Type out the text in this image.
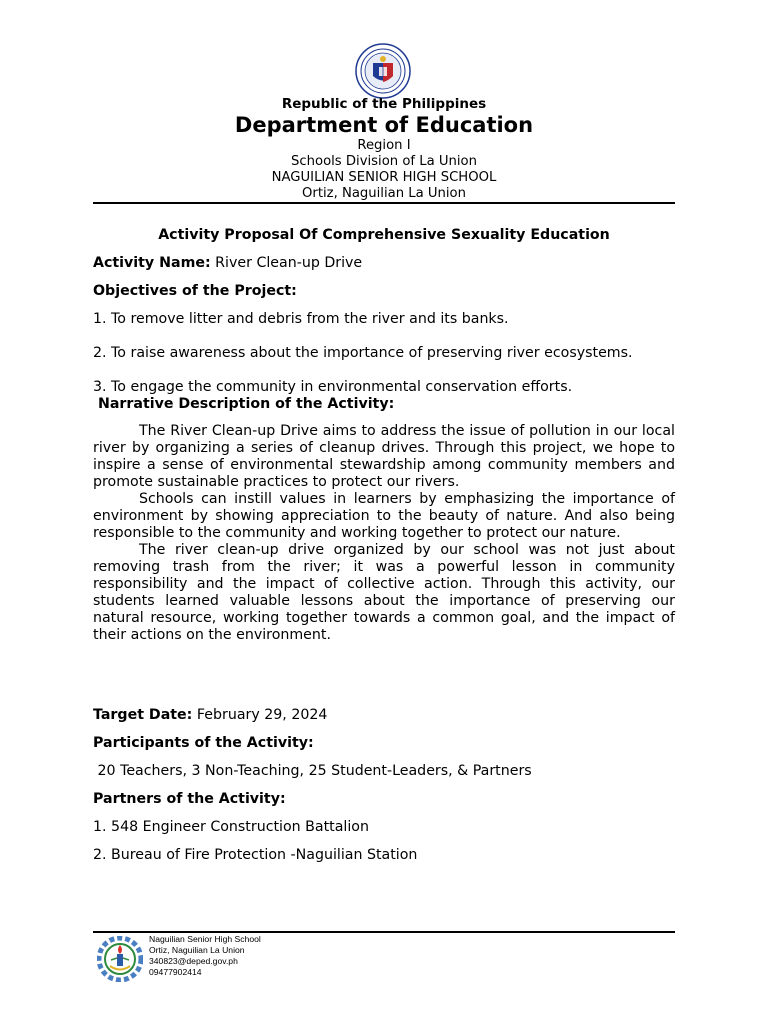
Republic of the Philippines
Department of Education
Region I
Schools Division of La Union
NAGUILIAN SENIOR HIGH SCHOOL
Ortiz, Naguilian La Union
Activity Proposal Of Comprehensive Sexuality Education
Activity Name: River Clean-up Drive
Objectives of the Project:
1. To remove litter and debris from the river and its banks.
2. To raise awareness about the importance of preserving river ecosystems.
3. To engage the community in environmental conservation efforts.
Narrative Description of the Activity:

The River Clean-up Drive aims to address the issue of pollution in our local river by organizing a series of cleanup drives. Through this project, we hope to inspire a sense of environmental stewardship among community members and promote sustainable practices to protect our rivers.

Schools can instill values in learners by emphasizing the importance of environment by showing appreciation to the beauty of nature. And also being responsible to the community and working together to protect our nature.

The river clean-up drive organized by our school was not just about removing trash from the river; it was a powerful lesson in community responsibility and the impact of collective action. Through this activity, our students learned valuable lessons about the importance of preserving our natural resource, working together towards a common goal, and the impact of their actions on the environment.

Target Date: February 29, 2024
Participants of the Activity:
20 Teachers, 3 Non-Teaching, 25 Student-Leaders, & Partners
Partners of the Activity:
1. 548 Engineer Construction Battalion
2. Bureau of Fire Protection -Naguilian Station
Naguilian Senior High School
Ortiz, Naguilian La Union
340823@deped.gov.ph
09477902414
